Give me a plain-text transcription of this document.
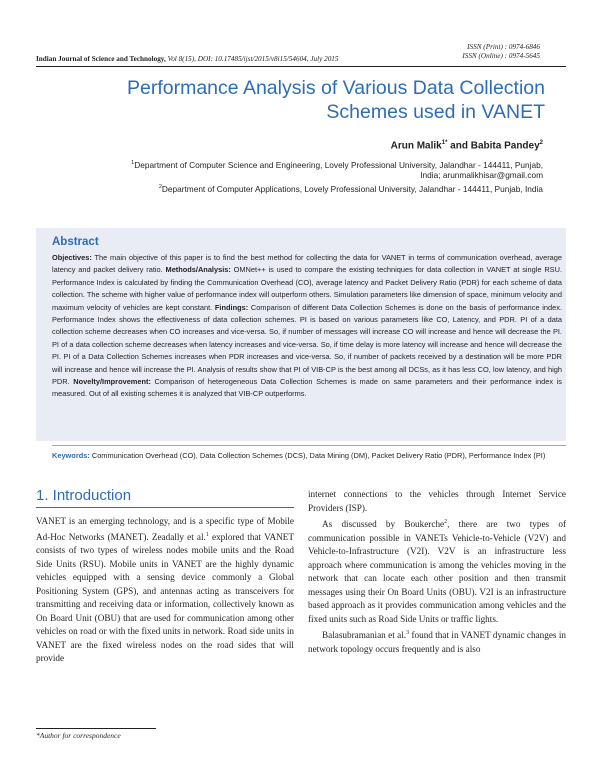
ISSN (Print) : 0974-6846
ISSN (Online) : 0974-5645
Indian Journal of Science and Technology, Vol 8(15), DOI: 10.17485/ijst/2015/v8i15/54604, July 2015
Performance Analysis of Various Data Collection
Schemes used in VANET
Arun Malik$^{1*}$ and Babita Pandey$^2$
$^1$Department of Computer Science and Engineering, Lovely Professional University, Jalandhar - 144411, Punjab,
India; arunmalikhisar@gmail.com
$^2$Department of Computer Applications, Lovely Professional University, Jalandhar - 144411, Punjab, India
Abstract
Objectives: The main objective of this paper is to find the best method for collecting the data for VANET in terms of communication overhead, average latency and packet delivery ratio. Methods/Analysis: OMNet++ is used to compare the existing techniques for data collection in VANET at single RSU. Performance Index is calculated by finding the Communication Overhead (CO), average latency and Packet Delivery Ratio (PDR) for each scheme of data collection. The scheme with higher value of performance index will outperform others. Simulation parameters like dimension of space, minimum velocity and maximum velocity of vehicles are kept constant. Findings: Comparison of different Data Collection Schemes is done on the basis of performance index. Performance Index shows the effectiveness of data collection schemes. PI is based on various parameters like CO, Latency, and PDR. PI of a data collection scheme decreases when CO increases and vice-versa. So, if number of messages will increase CO will increase and hence will decrease the PI. PI of a data collection scheme decreases when latency increases and vice-versa. So, if time delay is more latency will increase and hence will decrease the PI. PI of a Data Collection Schemes increases when PDR increases and vice-versa. So, if number of packets received by a destination will be more PDR will increase and hence will increase the PI. Analysis of results show that PI of VIB-CP is the best among all DCSs, as it has less CO, low latency, and high PDR. Novelty/Improvement: Comparison of heterogeneous Data Collection Schemes is made on same parameters and their performance index is measured. Out of all existing schemes it is analyzed that VIB-CP outperforms.
Keywords: Communication Overhead (CO), Data Collection Schemes (DCS), Data Mining (DM), Packet Delivery Ratio (PDR), Performance Index (PI)
1. Introduction

VANET is an emerging technology, and is a specific type of Mobile Ad-Hoc Networks (MANET). Zeadally et al.$^1$ explored that VANET consists of two types of wireless nodes mobile units and the Road Side Units (RSU). Mobile units in VANET are the highly dynamic vehicles equipped with a sensing device commonly a Global Positioning System (GPS), and antennas acting as transceivers for transmitting and receiving data or information, collectively known as On Board Unit (OBU) that are used for communication among other vehicles on road or with the fixed units in network. Road side units in VANET are the fixed wireless nodes on the road sides that will provide

internet connections to the vehicles through Internet Service Providers (ISP).

As discussed by Boukerche$^2$, there are two types of communication possible in VANETs Vehicle-to-Vehicle (V2V) and Vehicle-to-Infrastructure (V2I). V2V is an infrastructure less approach where communication is among the vehicles moving in the network that can locate each other position and then transmit messages using their On Board Units (OBU). V2I is an infrastructure based approach as it provides communication among vehicles and the fixed units such as Road Side Units or traffic lights.

Balasubramanian et al.$^3$ found that in VANET dynamic changes in network topology occurs frequently and is also

*Author for correspondence
